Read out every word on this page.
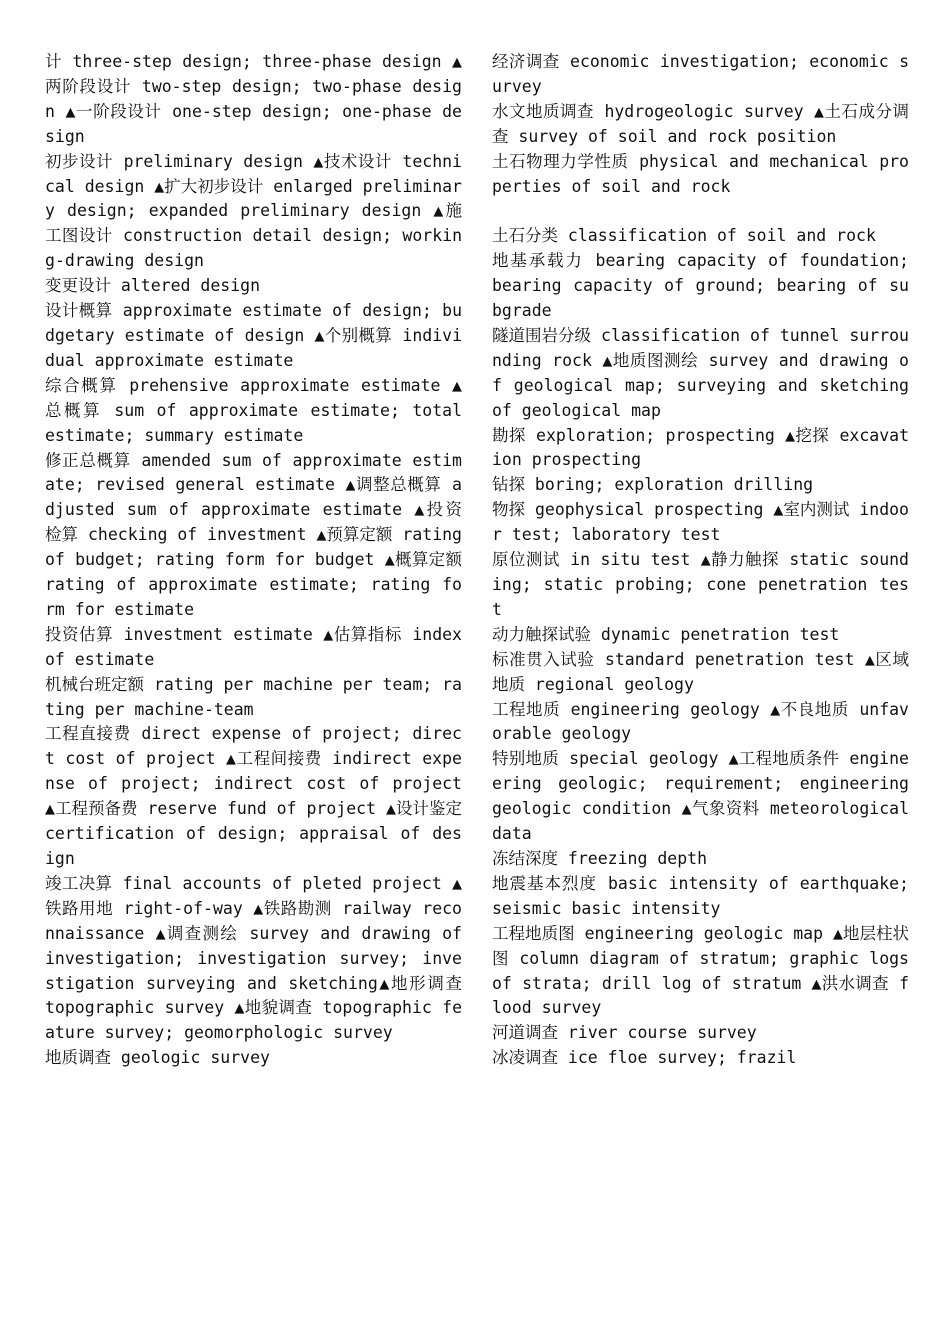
计 three-step design; three-phase design ▲两阶段设计 two-step design; two-phase design ▲一阶段设计 one-step design; one-phase design

初步设计 preliminary design ▲技术设计 technical design ▲扩大初步设计 enlarged preliminary design; expanded preliminary design ▲施工图设计 construction detail design; working-drawing design

变更设计 altered design

设计概算 approximate estimate of design; budgetary estimate of design ▲个别概算 individual approximate estimate

综合概算 prehensive approximate estimate ▲总概算 sum of approximate estimate; total estimate; summary estimate

修正总概算 amended sum of approximate estimate; revised general estimate ▲调整总概算 adjusted sum of approximate estimate ▲投资检算 checking of investment ▲预算定额 rating of budget; rating form for budget ▲概算定额 rating of approximate estimate; rating form for estimate

投资估算 investment estimate ▲估算指标 index of estimate

机械台班定额 rating per machine per team; rating per machine-team

工程直接费 direct expense of project; direct cost of project ▲工程间接费 indirect expense of project; indirect cost of project ▲工程预备费 reserve fund of project ▲设计鉴定 certification of design; appraisal of design

竣工决算 final accounts of pleted project ▲铁路用地 right-of-way ▲铁路勘测 railway reconnaissance ▲调查测绘 survey and drawing of investigation; investigation survey; investigation surveying and sketching▲地形调查 topographic survey ▲地貌调查 topographic feature survey; geomorphologic survey

地质调查 geologic survey

经济调查 economic investigation; economic survey

水文地质调查 hydrogeologic survey ▲土石成分调查 survey of soil and rock position

土石物理力学性质 physical and mechanical properties of soil and rock

土石分类 classification of soil and rock

地基承载力 bearing capacity of foundation; bearing capacity of ground; bearing of subgrade

隧道围岩分级 classification of tunnel surrounding rock ▲地质图测绘 survey and drawing of geological map; surveying and sketching of geological map

勘探 exploration; prospecting ▲挖探 excavation prospecting

钻探 boring; exploration drilling

物探 geophysical prospecting ▲室内测试 indoor test; laboratory test

原位测试 in situ test ▲静力触探 static sounding; static probing; cone penetration test

动力触探试验 dynamic penetration test

标准贯入试验 standard penetration test ▲区域地质 regional geology

工程地质 engineering geology ▲不良地质 unfavorable geology

特别地质 special geology ▲工程地质条件 engineering geologic; requirement; engineering geologic condition ▲气象资料 meteorological data

冻结深度 freezing depth

地震基本烈度 basic intensity of earthquake; seismic basic intensity

工程地质图 engineering geologic map ▲地层柱状图 column diagram of stratum; graphic logs of strata; drill log of stratum ▲洪水调查 flood survey

河道调查 river course survey

冰凌调查 ice floe survey; frazil
